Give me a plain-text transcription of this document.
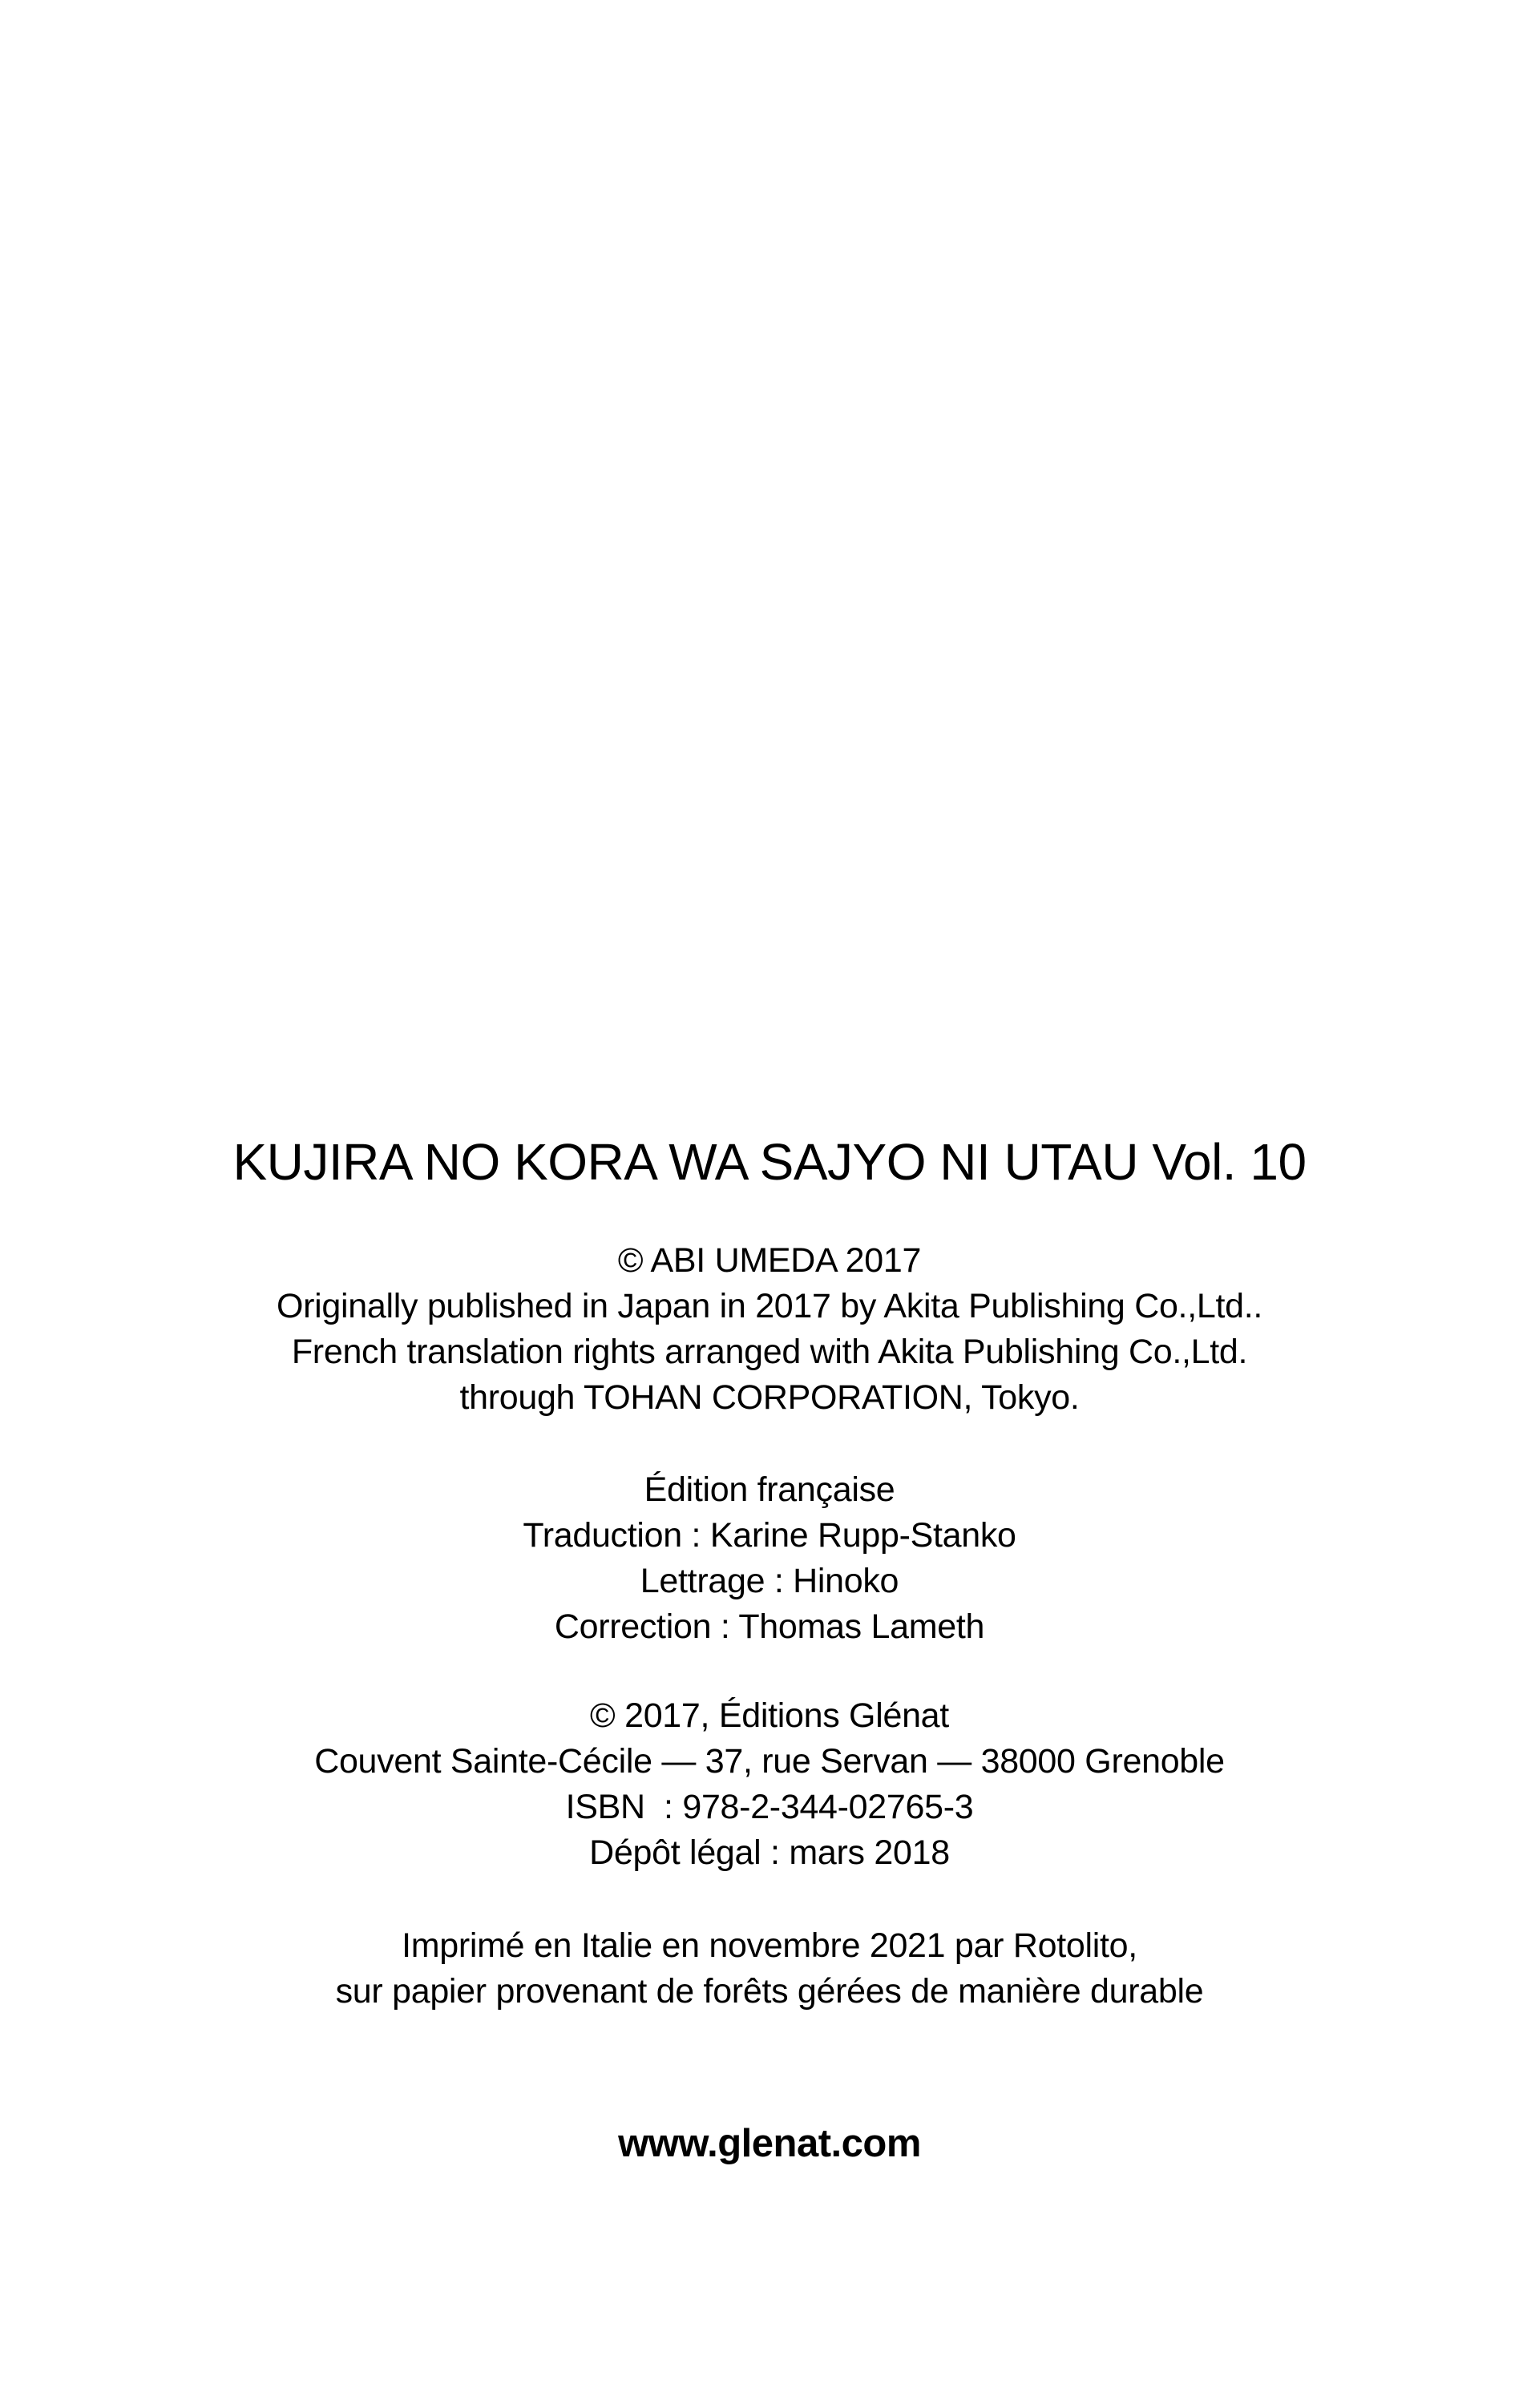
KUJIRA NO KORA WA SAJYO NI UTAU Vol. 10
© ABI UMEDA 2017
Originally published in Japan in 2017 by Akita Publishing Co.,Ltd..
French translation rights arranged with Akita Publishing Co.,Ltd.
through TOHAN CORPORATION, Tokyo.
Édition française
Traduction : Karine Rupp-Stanko
Lettrage : Hinoko
Correction : Thomas Lameth
© 2017, Éditions Glénat
Couvent Sainte-Cécile — 37, rue Servan — 38000 Grenoble
ISBN  : 978-2-344-02765-3
Dépôt légal : mars 2018
Imprimé en Italie en novembre 2021 par Rotolito,
sur papier provenant de forêts gérées de manière durable

www.glenat.com
